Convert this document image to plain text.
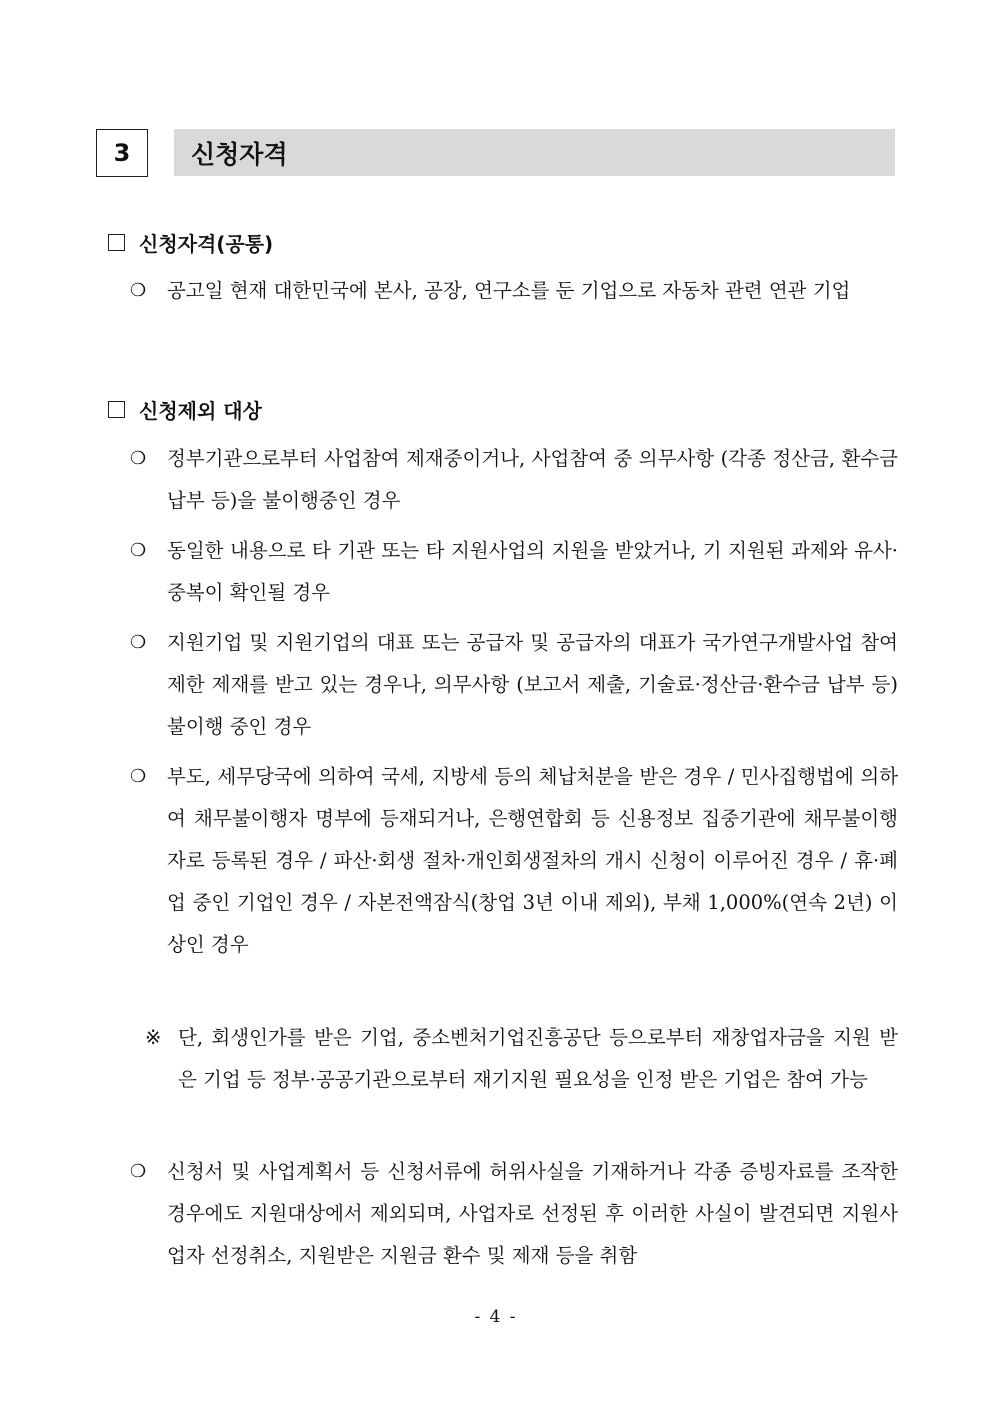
3	신청자격
신청자격(공통)
❍	공고일 현재 대한민국에 본사, 공장, 연구소를 둔 기업으로 자동차 관련 연관 기업
신청제외 대상
❍	정부기관으로부터 사업참여 제재중이거나, 사업참여 중 의무사항 (각종 정산금, 환수금 납부 등)을 불이행중인 경우
❍	동일한 내용으로 타 기관 또는 타 지원사업의 지원을 받았거나, 기 지원된 과제와 유사·중복이 확인될 경우
❍	지원기업 및 지원기업의 대표 또는 공급자 및 공급자의 대표가 국가연구개발사업 참여제한 제재를 받고 있는 경우나, 의무사항 (보고서 제출, 기술료·정산금·환수금 납부 등) 불이행 중인 경우
❍	부도, 세무당국에 의하여 국세, 지방세 등의 체납처분을 받은 경우 / 민사집행법에 의하여 채무불이행자 명부에 등재되거나, 은행연합회 등 신용정보 집중기관에 채무불이행자로 등록된 경우 / 파산·회생 절차·개인회생절차의 개시 신청이 이루어진 경우 / 휴·폐업 중인 기업인 경우 / 자본전액잠식(창업 3년 이내 제외), 부채 1,000%(연속 2년) 이상인 경우
※ 단, 회생인가를 받은 기업, 중소벤처기업진흥공단 등으로부터 재창업자금을 지원 받은 기업 등 정부·공공기관으로부터 재기지원 필요성을 인정 받은 기업은 참여 가능
❍	신청서 및 사업계획서 등 신청서류에 허위사실을 기재하거나 각종 증빙자료를 조작한 경우에도 지원대상에서 제외되며, 사업자로 선정된 후 이러한 사실이 발견되면 지원사업자 선정취소, 지원받은 지원금 환수 및 제재 등을 취함
- 4 -
